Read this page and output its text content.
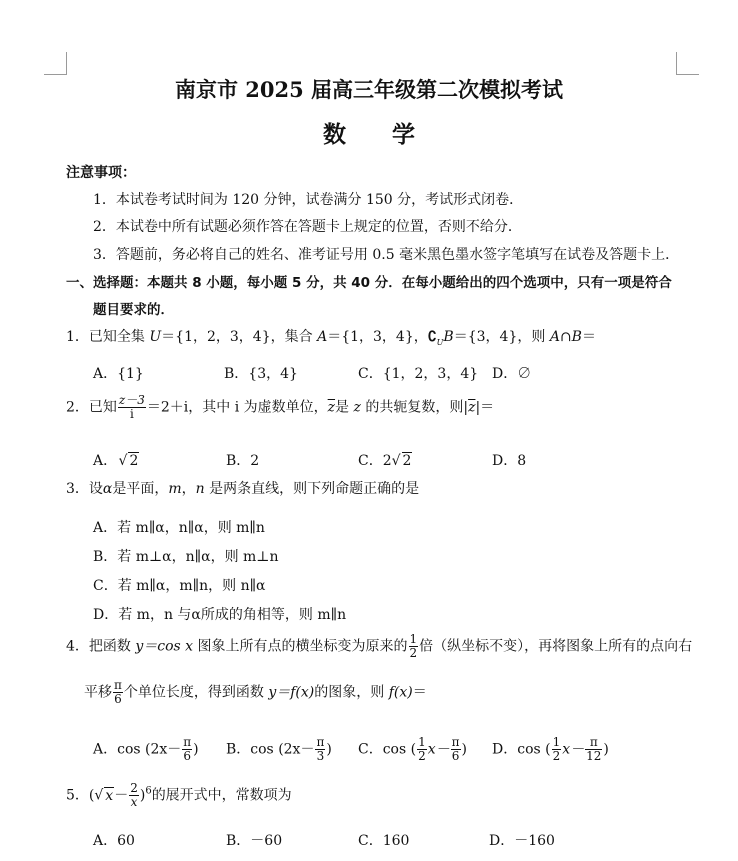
南京市 2025 届高三年级第二次模拟考试
数　　学
注意事项：
1．本试卷考试时间为 120 分钟，试卷满分 150 分，考试形式闭卷．
2．本试卷中所有试题必须作答在答题卡上规定的位置，否则不给分．
3．答题前，务必将自己的姓名、准考证号用 0.5 毫米黑色墨水签字笔填写在试卷及答题卡上．
一、选择题：本题共 8 小题，每小题 5 分，共 40 分．在每小题给出的四个选项中，只有一项是符合
题目要求的．
1．已知全集 U＝{1，2，3，4}，集合 A＝{1，3，4}，$∁_UB=\{3$，4}，则 A∩B＝
A．{1}	B．{3，4}	C．{1，2，3，4} D．∅
2．已知 $\frac{z-3}{i} =2+i$，其中 i 为虚数单位，$\overline{z}$是 z 的共轭复数，则$|\overline{z}|=$
A． √ 2	B．2	C．2√ 2	D．8
3．设α是平面，m，n 是两条直线，则下列命题正确的是
A．若 m∥α，n∥α，则 m∥n
B．若 m⊥α，n∥α，则 m⊥n
C．若 m∥α，m∥n，则 n∥α
D．若 m，n 与α所成的角相等，则 m∥n
4．把函数 y＝cos x 图象上所有点的横坐标变为原来的 $\frac{1}{2}$ 倍（纵坐标不变），再将图象上所有的点向右
平移 $\frac{\pi}{6}$ 个单位长度，得到函数 y＝f(x)的图象，则 f(x)＝
A．$\cos (2x- \frac{\pi}{6}$ ) B．$\cos (2x- \frac{\pi}{3}$ ) C．cos ( $\frac{1}{2} x- \frac{\pi}{6}$ ) D．cos ( $\frac{1}{2} x- \frac{\pi}{12}$ )
5．(√ $x- \frac{2}{x} )^6$的展开式中，常数项为
A．60	B．－60	C．160	D．－160
